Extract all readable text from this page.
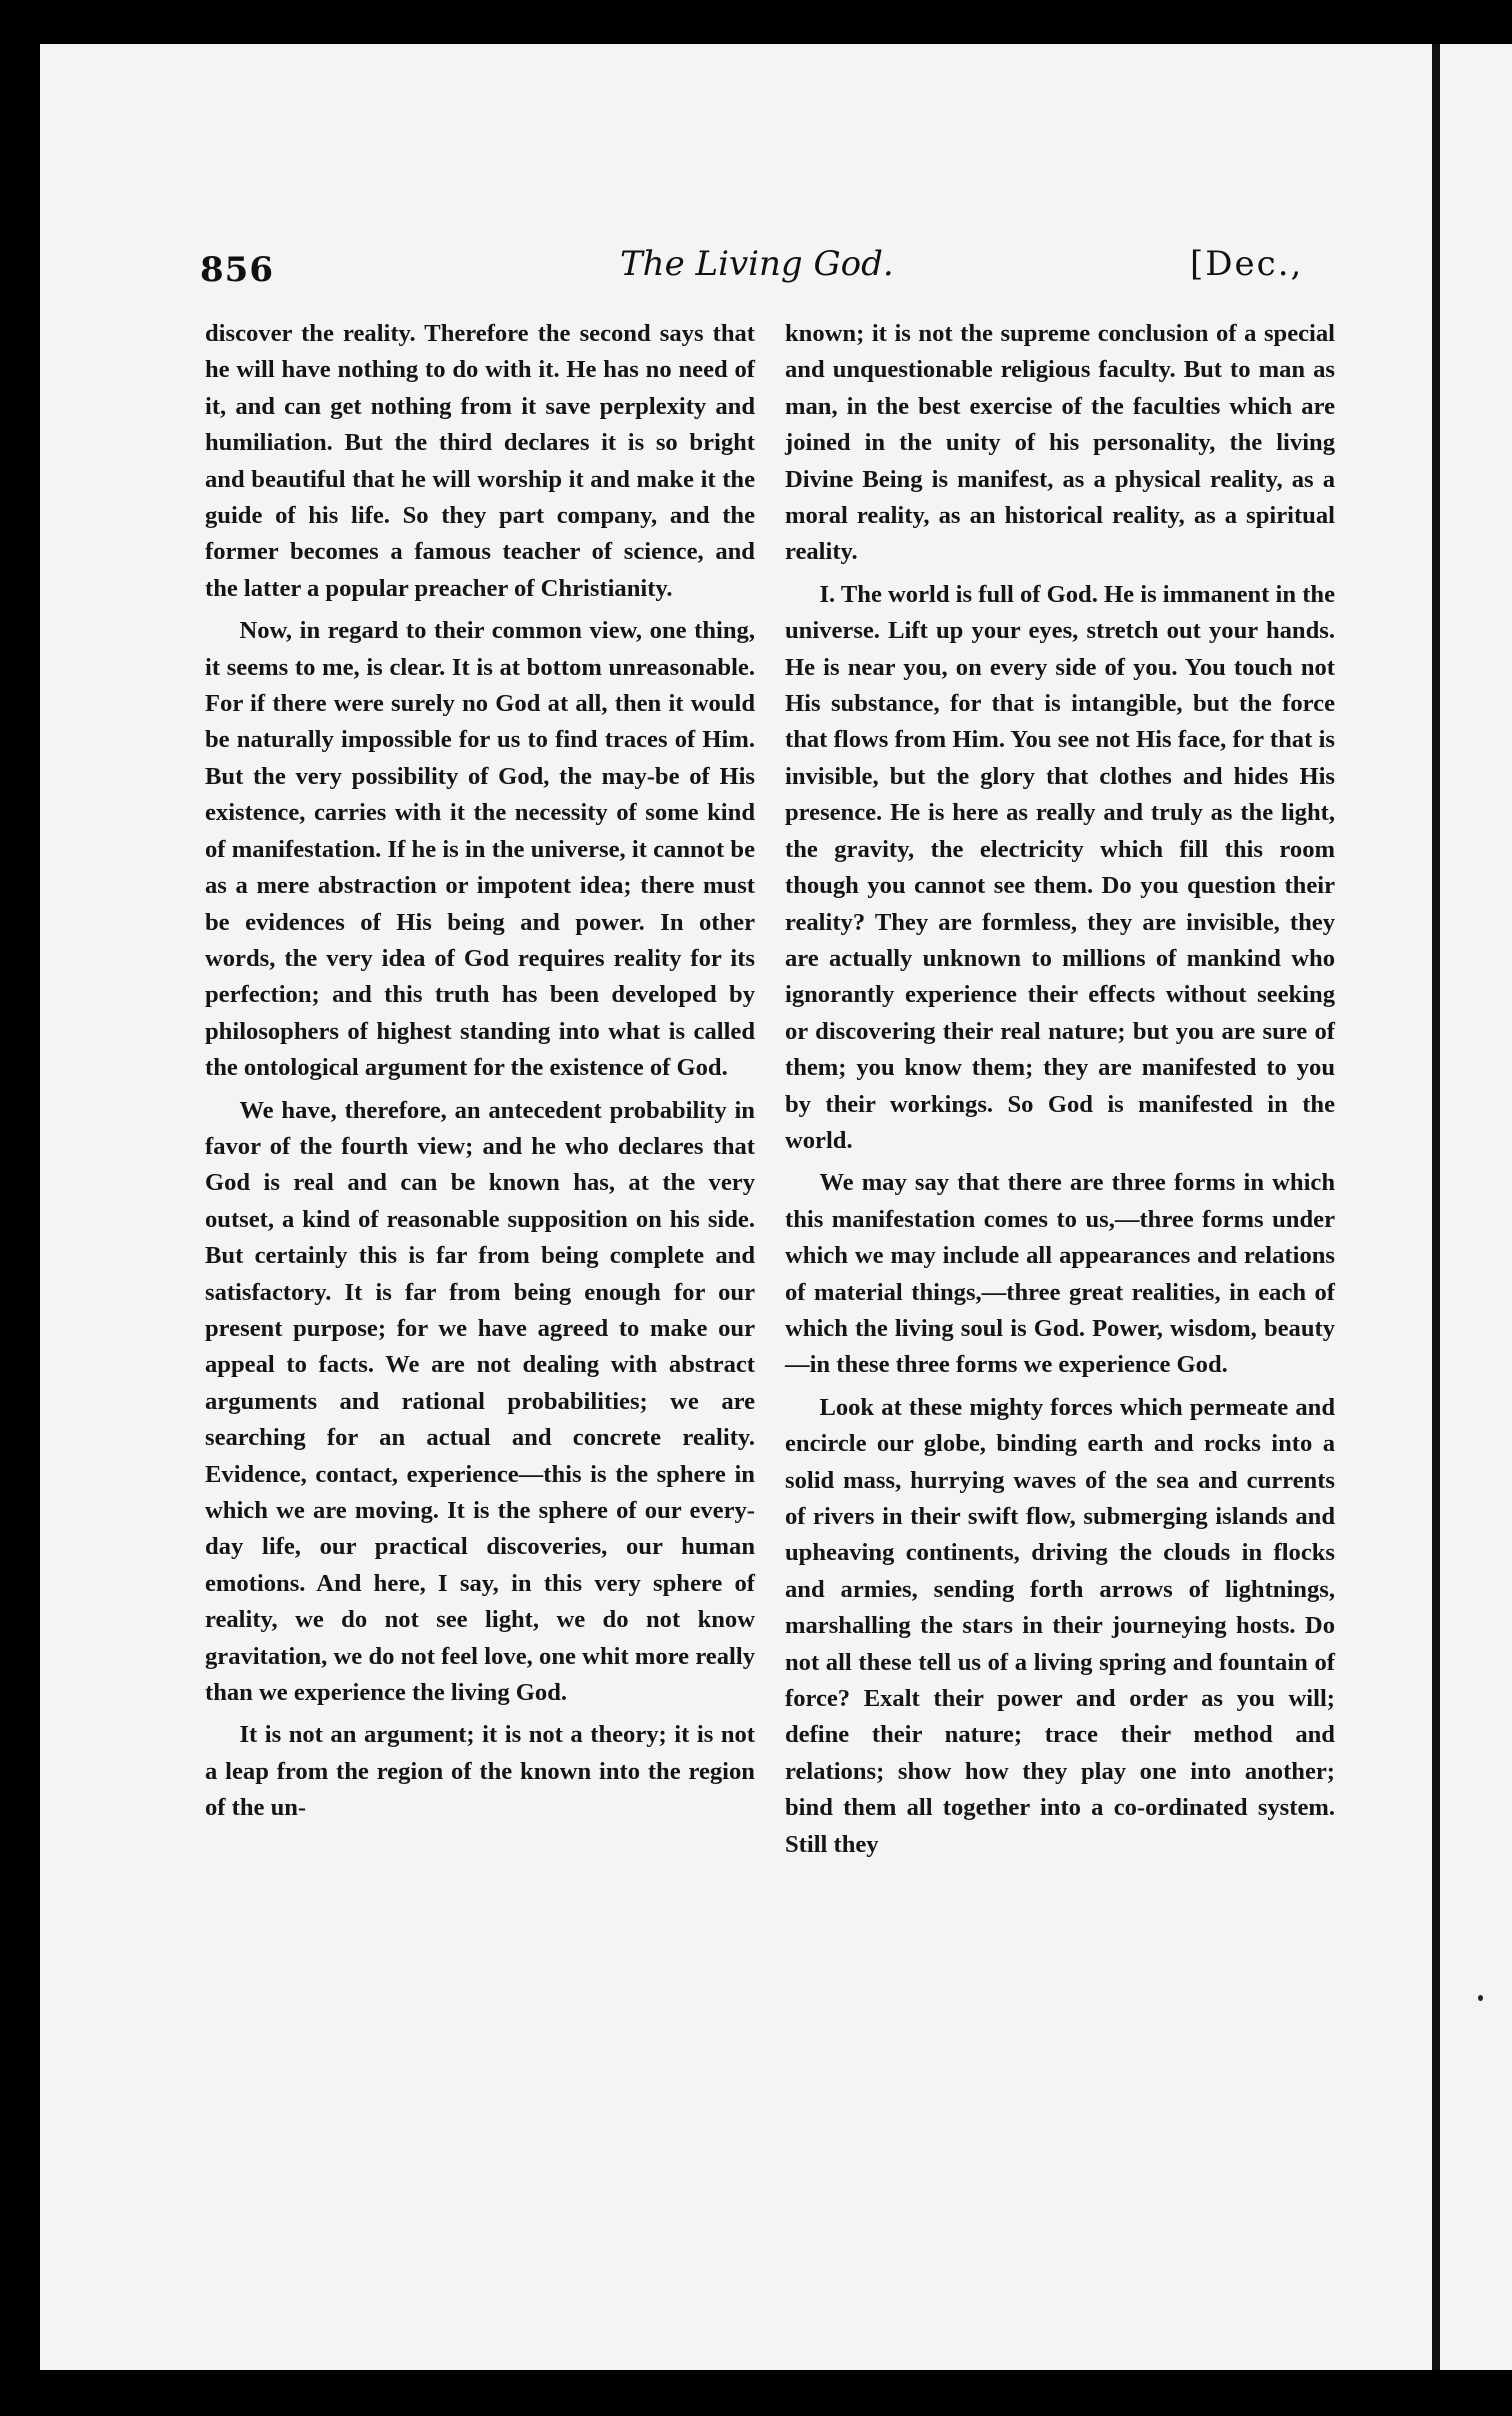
856	The Living God.	[Dec.,

discover the reality. Therefore the second says that he will have nothing to do with it. He has no need of it, and can get nothing from it save perplexity and humiliation. But the third declares it is so bright and beautiful that he will worship it and make it the guide of his life. So they part company, and the former becomes a famous teacher of science, and the latter a popular preacher of Christianity.

Now, in regard to their common view, one thing, it seems to me, is clear. It is at bottom unreasonable. For if there were surely no God at all, then it would be naturally impossible for us to find traces of Him. But the very possibility of God, the may-be of His existence, carries with it the necessity of some kind of manifestation. If he is in the universe, it cannot be as a mere abstraction or impotent idea; there must be evidences of His being and power. In other words, the very idea of God requires reality for its perfection; and this truth has been developed by philosophers of highest standing into what is called the ontological argument for the existence of God.

We have, therefore, an antecedent probability in favor of the fourth view; and he who declares that God is real and can be known has, at the very outset, a kind of reasonable supposition on his side. But certainly this is far from being complete and satisfactory. It is far from being enough for our present purpose; for we have agreed to make our appeal to facts. We are not dealing with abstract arguments and rational probabilities; we are searching for an actual and concrete reality. Evidence, contact, experience—this is the sphere in which we are moving. It is the sphere of our every-day life, our practical discoveries, our human emotions. And here, I say, in this very sphere of reality, we do not see light, we do not know gravitation, we do not feel love, one whit more really than we experience the living God.

It is not an argument; it is not a theory; it is not a leap from the region of the known into the region of the un-

known; it is not the supreme conclusion of a special and unquestionable religious faculty. But to man as man, in the best exercise of the faculties which are joined in the unity of his personality, the living Divine Being is manifest, as a physical reality, as a moral reality, as an historical reality, as a spiritual reality.

I. The world is full of God. He is immanent in the universe. Lift up your eyes, stretch out your hands. He is near you, on every side of you. You touch not His substance, for that is intangible, but the force that flows from Him. You see not His face, for that is invisible, but the glory that clothes and hides His presence. He is here as really and truly as the light, the gravity, the electricity which fill this room though you cannot see them. Do you question their reality? They are formless, they are invisible, they are actually unknown to millions of mankind who ignorantly experience their effects without seeking or discovering their real nature; but you are sure of them; you know them; they are manifested to you by their workings. So God is manifested in the world.

We may say that there are three forms in which this manifestation comes to us,—three forms under which we may include all appearances and relations of material things,—three great realities, in each of which the living soul is God. Power, wisdom, beauty—in these three forms we experience God.

Look at these mighty forces which permeate and encircle our globe, binding earth and rocks into a solid mass, hurrying waves of the sea and currents of rivers in their swift flow, submerging islands and upheaving continents, driving the clouds in flocks and armies, sending forth arrows of lightnings, marshalling the stars in their journeying hosts. Do not all these tell us of a living spring and fountain of force? Exalt their power and order as you will; define their nature; trace their method and relations; show how they play one into another; bind them all together into a co-ordinated system. Still they
